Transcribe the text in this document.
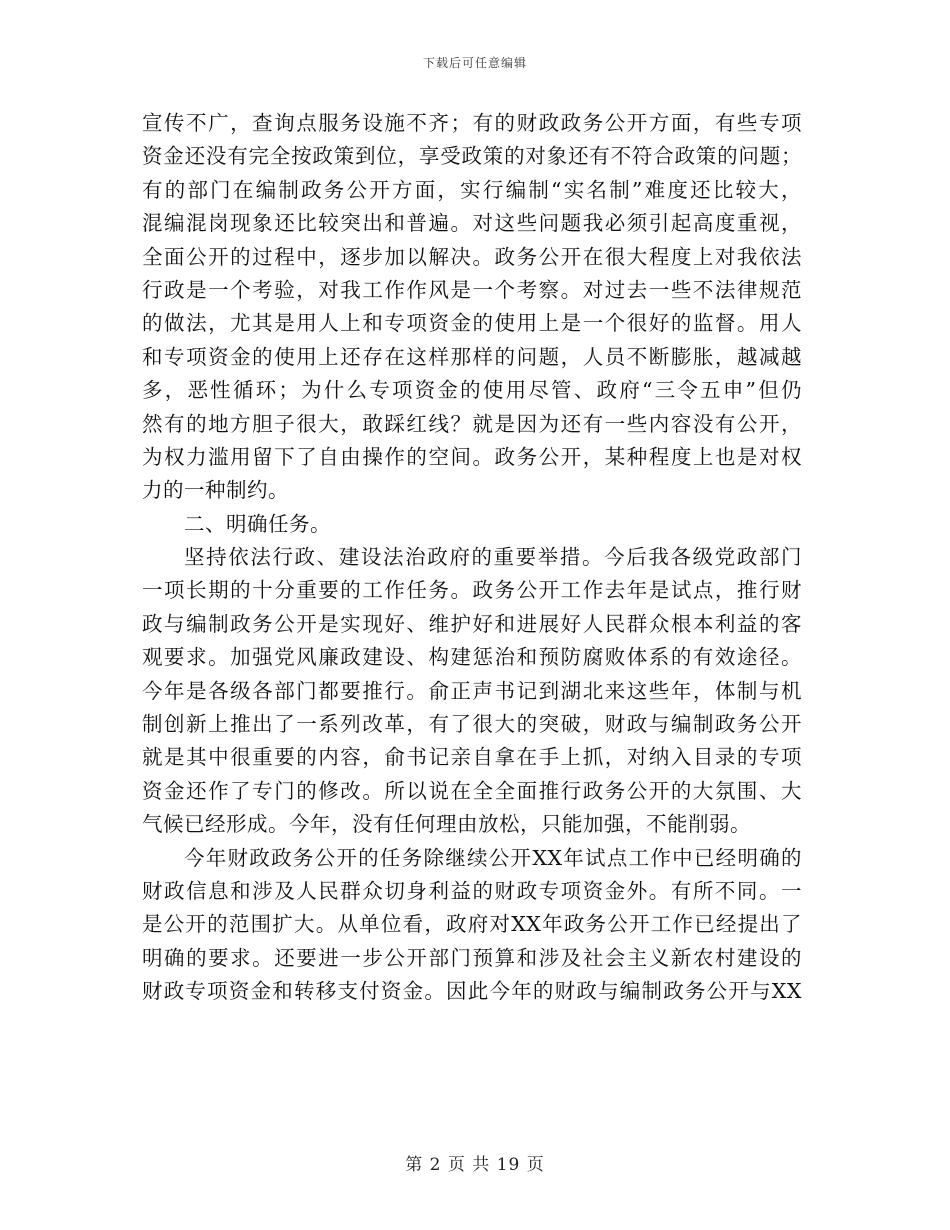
下载后可任意编辑
宣传不广，查询点服务设施不齐；有的财政政务公开方面，有些专项
资金还没有完全按政策到位，享受政策的对象还有不符合政策的问题；
有的部门在编制政务公开方面，实行编制“实名制”难度还比较大，
混编混岗现象还比较突出和普遍。对这些问题我必须引起高度重视，
全面公开的过程中，逐步加以解决。政务公开在很大程度上对我依法
行政是一个考验，对我工作作风是一个考察。对过去一些不法律规范
的做法，尤其是用人上和专项资金的使用上是一个很好的监督。用人
和专项资金的使用上还存在这样那样的问题，人员不断膨胀，越减越
多，恶性循环；为什么专项资金的使用尽管、政府“三令五申”但仍
然有的地方胆子很大，敢踩红线？就是因为还有一些内容没有公开，
为权力滥用留下了自由操作的空间。政务公开，某种程度上也是对权
力的一种制约。
二、明确任务。
坚持依法行政、建设法治政府的重要举措。今后我各级党政部门
一项长期的十分重要的工作任务。政务公开工作去年是试点，推行财
政与编制政务公开是实现好、维护好和进展好人民群众根本利益的客
观要求。加强党风廉政建设、构建惩治和预防腐败体系的有效途径。
今年是各级各部门都要推行。俞正声书记到湖北来这些年，体制与机
制创新上推出了一系列改革，有了很大的突破，财政与编制政务公开
就是其中很重要的内容，俞书记亲自拿在手上抓，对纳入目录的专项
资金还作了专门的修改。所以说在全全面推行政务公开的大氛围、大
气候已经形成。今年，没有任何理由放松，只能加强，不能削弱。
今年财政政务公开的任务除继续公开XX年试点工作中已经明确的
财政信息和涉及人民群众切身利益的财政专项资金外。有所不同。一
是公开的范围扩大。从单位看，政府对XX年政务公开工作已经提出了
明确的要求。还要进一步公开部门预算和涉及社会主义新农村建设的
财政专项资金和转移支付资金。因此今年的财政与编制政务公开与XX
第 2 页 共 19 页
